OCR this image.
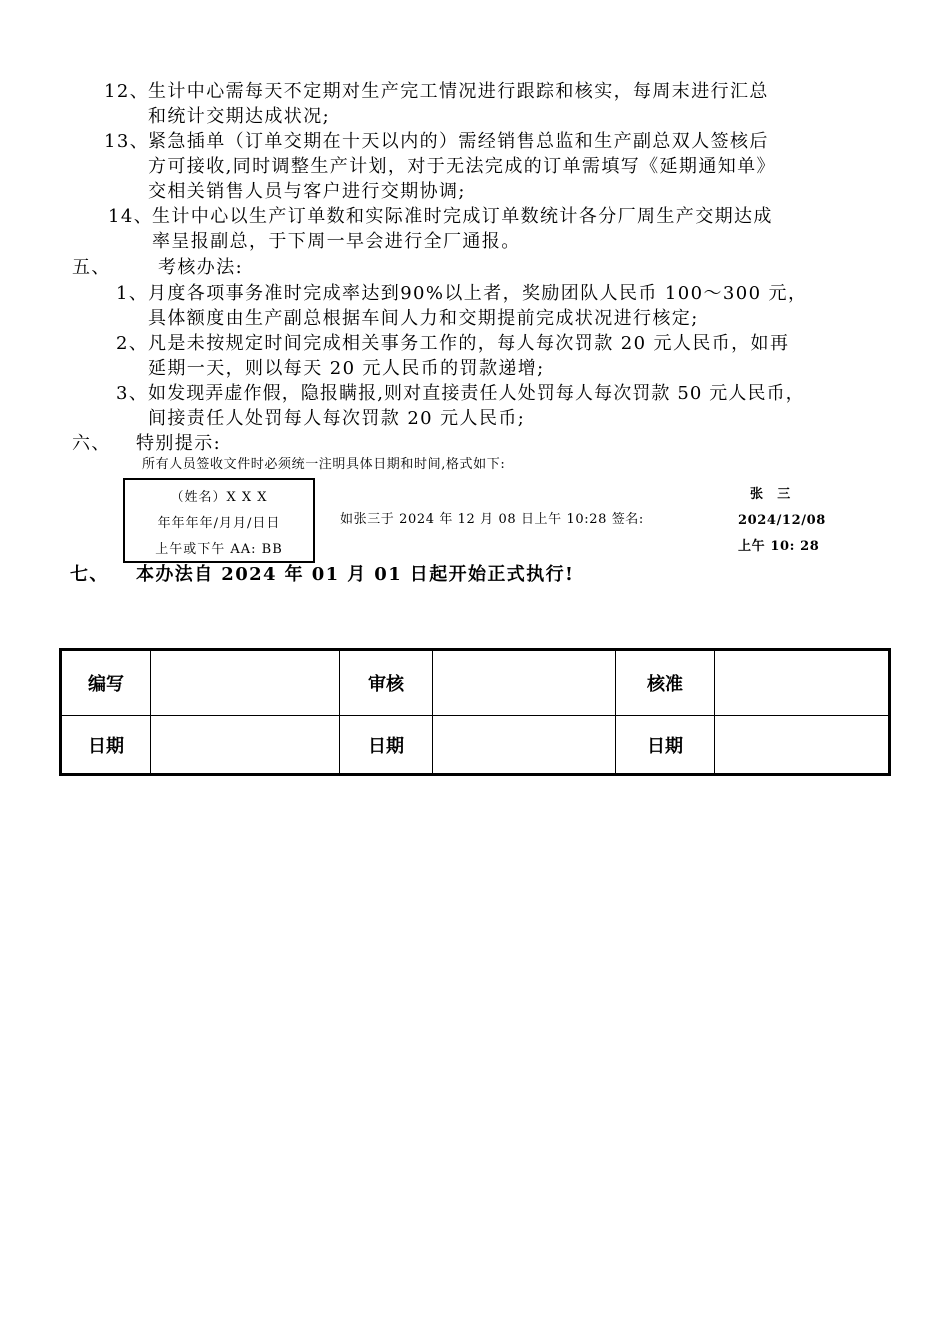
12、
生计中心需每天不定期对生产完工情况进行跟踪和核实，每周末进行汇总
和统计交期达成状况;
13、
紧急插单（订单交期在十天以内的）需经销售总监和生产副总双人签核后
方可接收,同时调整生产计划，对于无法完成的订单需填写《延期通知单》
交相关销售人员与客户进行交期协调;
14、
生计中心以生产订单数和实际准时完成订单数统计各分厂周生产交期达成
率呈报副总，于下周一早会进行全厂通报。
五、	考核办法:
1、 月度各项事务准时完成率达到90%以上者，奖励团队人民币 100～300 元，
具体额度由生产副总根据车间人力和交期提前完成状况进行核定;
2、 凡是未按规定时间完成相关事务工作的，每人每次罚款 20 元人民币，如再
延期一天，则以每天 20 元人民币的罚款递增;
3、 如发现弄虚作假，隐报瞒报,则对直接责任人处罚每人每次罚款 50 元人民币，
间接责任人处罚每人每次罚款 20 元人民币;
六、 特别提示:
所有人员签收文件时必须统一注明具体日期和时间,格式如下:
（姓名）X X X
年年年年/月月/日日
上午或下午 AA: BB
如张三于 2024 年 12 月 08 日上午 10:28 签名:
张　三
2024/12/08
上午 10: 28
七、 本办法自 2024 年 01 月 01 日起开始正式执行!
编写		审核		核准	
日期		日期		日期	
